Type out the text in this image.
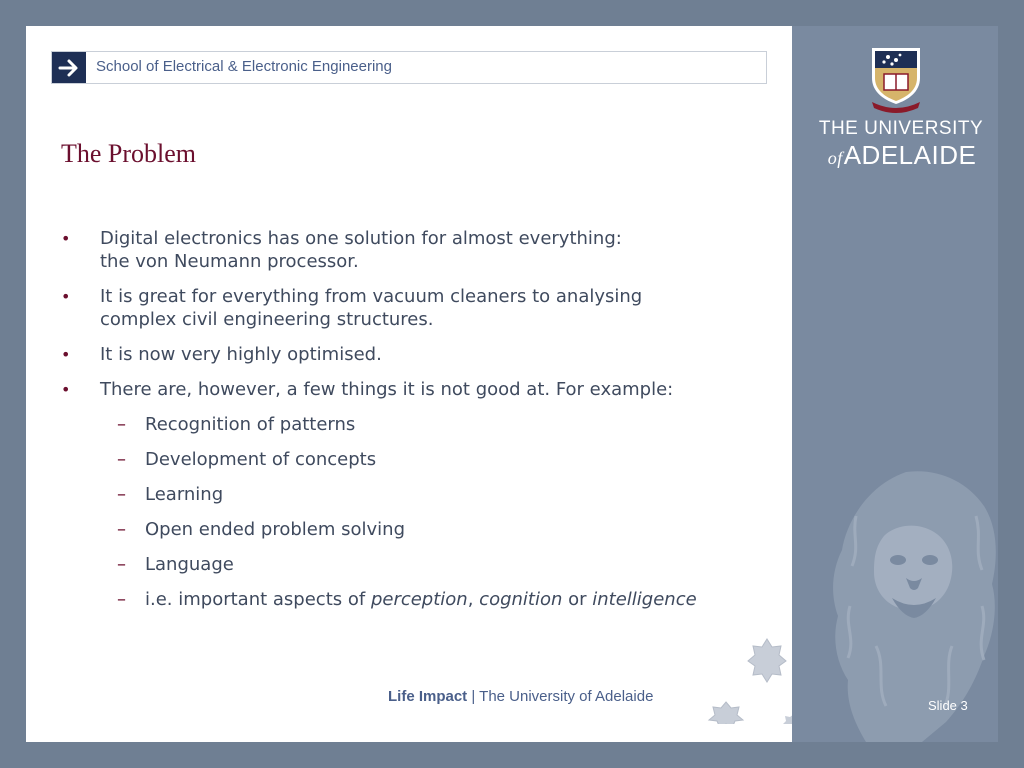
School of Electrical & Electronic Engineering
The Problem
• Digital electronics has one solution for almost everything:
the von Neumann processor.
• It is great for everything from vacuum cleaners to analysing
complex civil engineering structures.
• It is now very highly optimised.
• There are, however, a few things it is not good at. For example:
– Recognition of patterns
– Development of concepts
– Learning
– Open ended problem solving
– Language
– i.e. important aspects of perception, cognition or intelligence
Life Impact | The University of Adelaide
THE UNIVERSITY
ofADELAIDE
Slide 3
